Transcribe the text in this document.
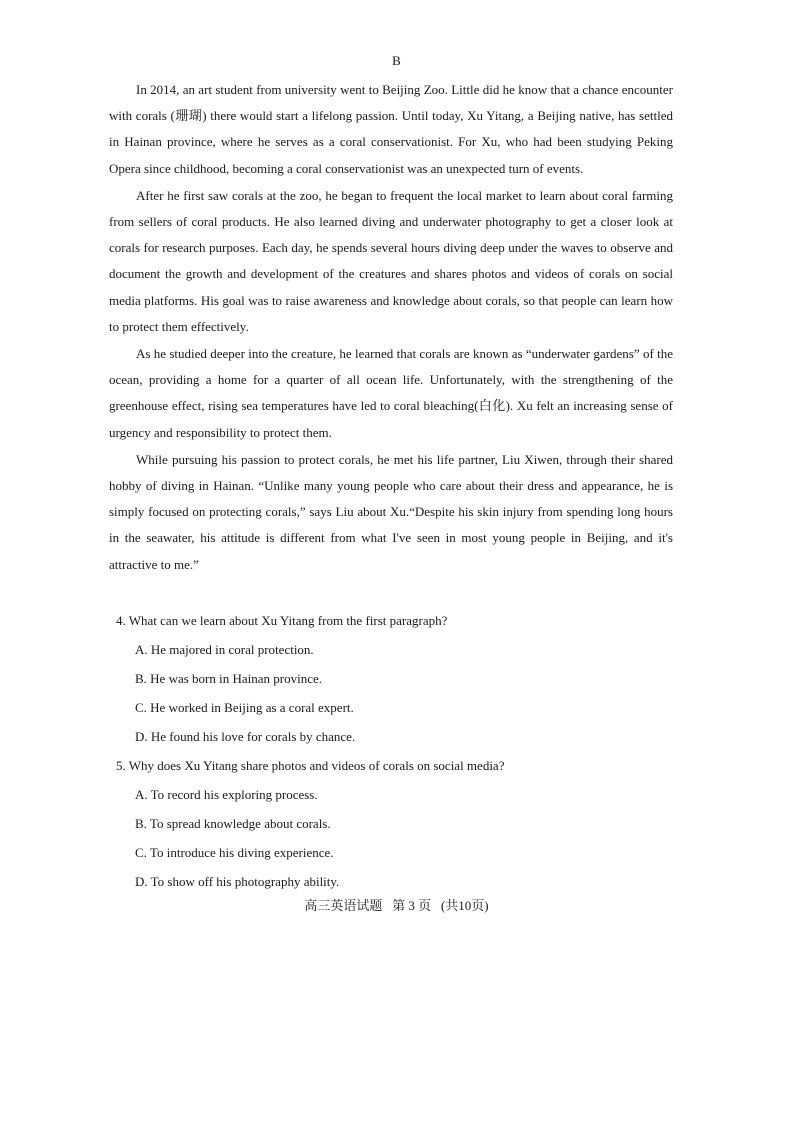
B

In 2014, an art student from university went to Beijing Zoo. Little did he know that a chance encounter with corals (珊瑚) there would start a lifelong passion. Until today, Xu Yitang, a Beijing native, has settled in Hainan province, where he serves as a coral conservationist. For Xu, who had been studying Peking Opera since childhood, becoming a coral conservationist was an unexpected turn of events.

After he first saw corals at the zoo, he began to frequent the local market to learn about coral farming from sellers of coral products. He also learned diving and underwater photography to get a closer look at corals for research purposes. Each day, he spends several hours diving deep under the waves to observe and document the growth and development of the creatures and shares photos and videos of corals on social media platforms. His goal was to raise awareness and knowledge about corals, so that people can learn how to protect them effectively.

As he studied deeper into the creature, he learned that corals are known as “underwater gardens” of the ocean, providing a home for a quarter of all ocean life. Unfortunately, with the strengthening of the greenhouse effect, rising sea temperatures have led to coral bleaching(白化). Xu felt an increasing sense of urgency and responsibility to protect them.

While pursuing his passion to protect corals, he met his life partner, Liu Xiwen, through their shared hobby of diving in Hainan. “Unlike many young people who care about their dress and appearance, he is simply focused on protecting corals,” says Liu about Xu.“Despite his skin injury from spending long hours in the seawater, his attitude is different from what I've seen in most young people in Beijing, and it's attractive to me.”

4. What can we learn about Xu Yitang from the first paragraph?
A. He majored in coral protection.
B. He was born in Hainan province.
C. He worked in Beijing as a coral expert.
D. He found his love for corals by chance.
5. Why does Xu Yitang share photos and videos of corals on social media?
A. To record his exploring process.
B. To spread knowledge about corals.
C. To introduce his diving experience.
D. To show off his photography ability.
高三英语试题 第 3 页 (共10页)
